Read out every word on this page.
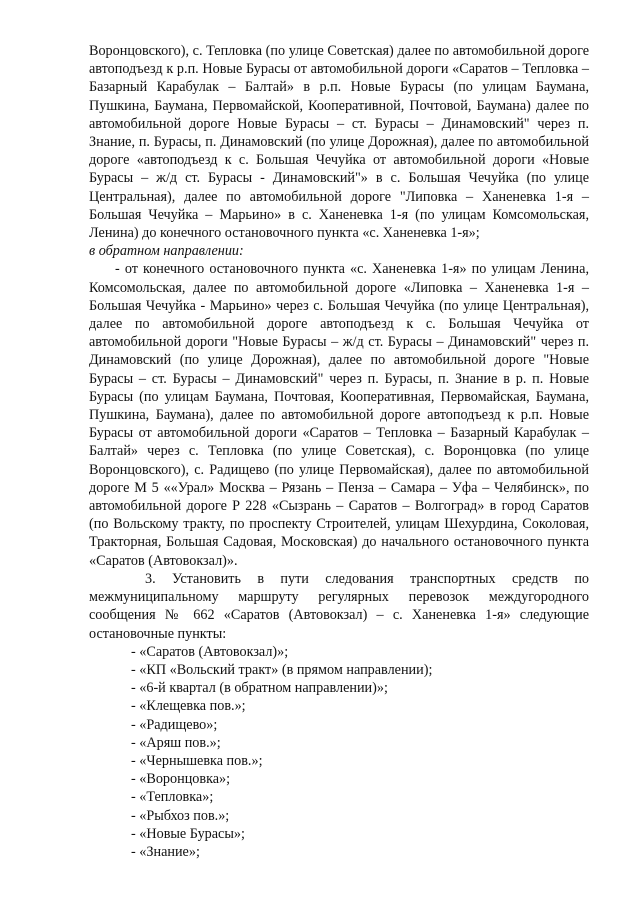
Воронцовского), с. Тепловка (по улице Советская) далее по автомобильной дороге автоподъезд к р.п. Новые Бурасы от автомобильной дороги «Саратов – Тепловка – Базарный Карабулак – Балтай» в р.п. Новые Бурасы (по улицам Баумана, Пушкина, Баумана, Первомайской, Кооперативной, Почтовой, Баумана) далее по автомобильной дороге Новые Бурасы – ст. Бурасы – Динамовский" через п. Знание, п. Бурасы, п. Динамовский (по улице Дорожная), далее по автомобильной дороге «автоподъезд к с. Большая Чечуйка от автомобильной дороги «Новые Бурасы – ж/д ст. Бурасы - Динамовский"» в с. Большая Чечуйка (по улице Центральная), далее по автомобильной дороге "Липовка – Ханеневка 1-я – Большая Чечуйка – Марьино» в с. Ханеневка 1-я (по улицам Комсомольская, Ленина) до конечного остановочного пункта «с. Ханеневка 1-я»;

в обратном направлении:

- от конечного остановочного пункта «с. Ханеневка 1-я» по улицам Ленина, Комсомольская, далее по автомобильной дороге «Липовка – Ханеневка 1-я – Большая Чечуйка - Марьино» через с. Большая Чечуйка (по улице Центральная), далее по автомобильной дороге автоподъезд к с. Большая Чечуйка от автомобильной дороги "Новые Бурасы – ж/д ст. Бурасы – Динамовский" через п. Динамовский (по улице Дорожная), далее по автомобильной дороге "Новые Бурасы – ст. Бурасы – Динамовский" через п. Бурасы, п. Знание в р. п. Новые Бурасы (по улицам Баумана, Почтовая, Кооперативная, Первомайская, Баумана, Пушкина, Баумана), далее по автомобильной дороге автоподъезд к р.п. Новые Бурасы от автомобильной дороги «Саратов – Тепловка – Базарный Карабулак – Балтай» через с. Тепловка (по улице Советская), с. Воронцовка (по улице Воронцовского), с. Радищево (по улице Первомайская), далее по автомобильной дороге М 5 ««Урал» Москва – Рязань – Пенза – Самара – Уфа – Челябинск», по автомобильной дороге Р 228 «Сызрань – Саратов – Волгоград» в город Саратов (по Вольскому тракту, по проспекту Строителей, улицам Шехурдина, Соколовая, Тракторная, Большая Садовая, Московская) до начального остановочного пункта «Саратов (Автовокзал)».

3. Установить в пути следования транспортных средств по межмуниципальному маршруту регулярных перевозок междугородного сообщения № 662 «Саратов (Автовокзал) – с. Ханеневка 1-я» следующие остановочные пункты:

- «Саратов (Автовокзал)»;
- «КП «Вольский тракт» (в прямом направлении);
- «6-й квартал (в обратном направлении)»;
- «Клещевка пов.»;
- «Радищево»;
- «Аряш пов.»;
- «Чернышевка пов.»;
- «Воронцовка»;
- «Тепловка»;
- «Рыбхоз пов.»;
- «Новые Бурасы»;
- «Знание»;
